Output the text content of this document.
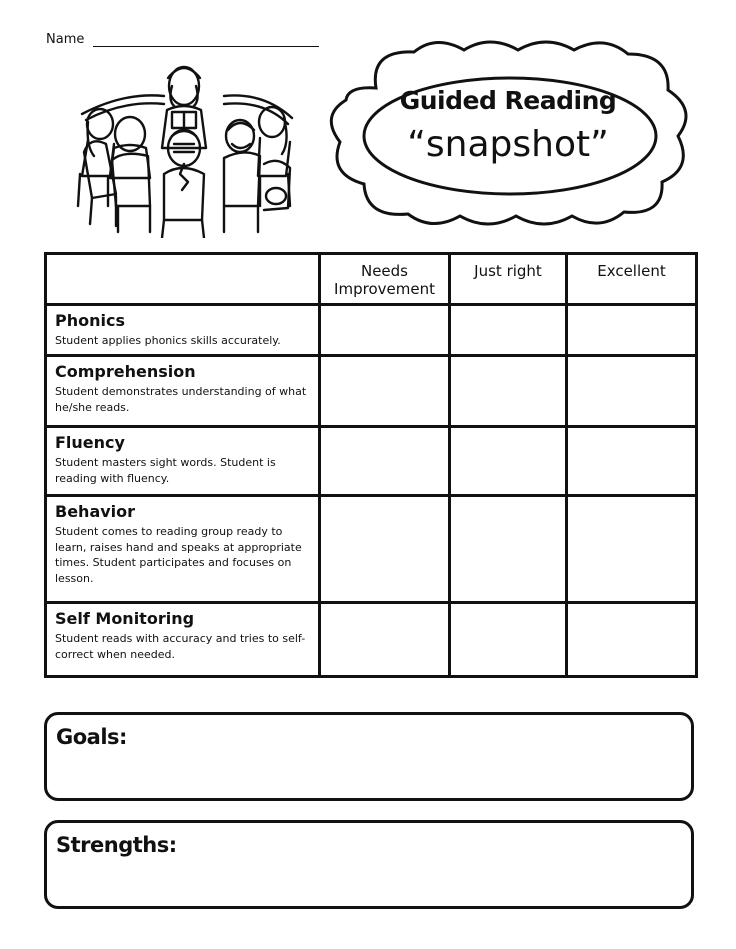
Name
Guided Reading
“snapshot”
	Needs Improvement	Just right	Excellent

Phonics
Student applies phonics skills accurately.			

Comprehension
Student demonstrates understanding of what he/she reads.			

Fluency
Student masters sight words. Student is reading with fluency.			

Behavior
Student comes to reading group ready to learn, raises hand and speaks at appropriate times. Student participates and focuses on lesson.			

Self Monitoring
Student reads with accuracy and tries to self-correct when needed.			

Goals:
Strengths:
